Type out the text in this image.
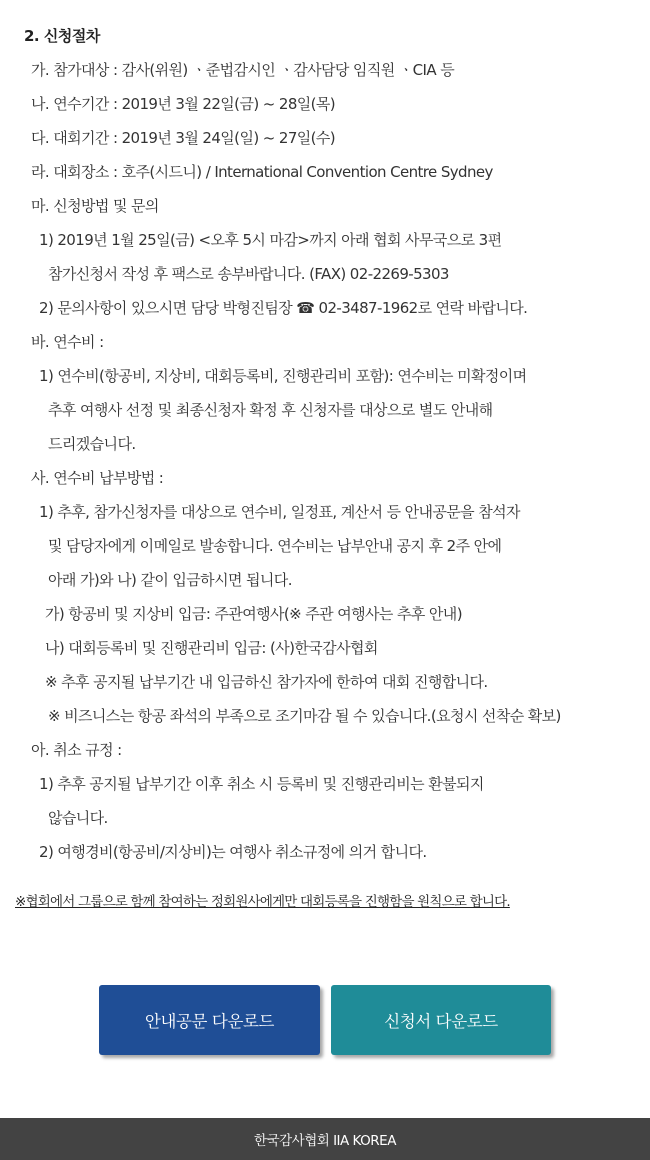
2. 신청절차
가. 참가대상 : 감사(위원) ㆍ준법감시인 ㆍ감사담당 임직원 ㆍCIA 등
나. 연수기간 : 2019년 3월 22일(금) ~ 28일(목)
다. 대회기간 : 2019년 3월 24일(일) ~ 27일(수)
라. 대회장소 : 호주(시드니) / International Convention Centre Sydney
마. 신청방법 및 문의
1) 2019년 1월 25일(금) <오후 5시 마감>까지 아래 협회 사무국으로 3편
참가신청서 작성 후 팩스로 송부바랍니다. (FAX) 02-2269-5303
2) 문의사항이 있으시면 담당 박형진팀장 ☎ 02-3487-1962로 연락 바랍니다.
바. 연수비 :
1) 연수비(항공비, 지상비, 대회등록비, 진행관리비 포함): 연수비는 미확정이며
추후 여행사 선정 및 최종신청자 확정 후 신청자를 대상으로 별도 안내해
드리겠습니다.
사. 연수비 납부방법 :
1) 추후, 참가신청자를 대상으로 연수비, 일정표, 계산서 등 안내공문을 참석자
및 담당자에게 이메일로 발송합니다. 연수비는 납부안내 공지 후 2주 안에
아래 가)와 나) 같이 입금하시면 됩니다.
가) 항공비 및 지상비 입금: 주관여행사(※ 주관 여행사는 추후 안내)
나) 대회등록비 및 진행관리비 입금: (사)한국감사협회
※ 추후 공지될 납부기간 내 입금하신 참가자에 한하여 대회 진행합니다.
※ 비즈니스는 항공 좌석의 부족으로 조기마감 될 수 있습니다.(요청시 선착순 확보)
아. 취소 규정 :
1) 추후 공지될 납부기간 이후 취소 시 등록비 및 진행관리비는 환불되지
않습니다.
2) 여행경비(항공비/지상비)는 여행사 취소규정에 의거 합니다.
※협회에서 그룹으로 함께 참여하는 정회원사에게만 대회등록을 진행함을 원칙으로 합니다.
안내공문 다운로드	신청서 다운로드
한국감사협회 IIA KOREA
